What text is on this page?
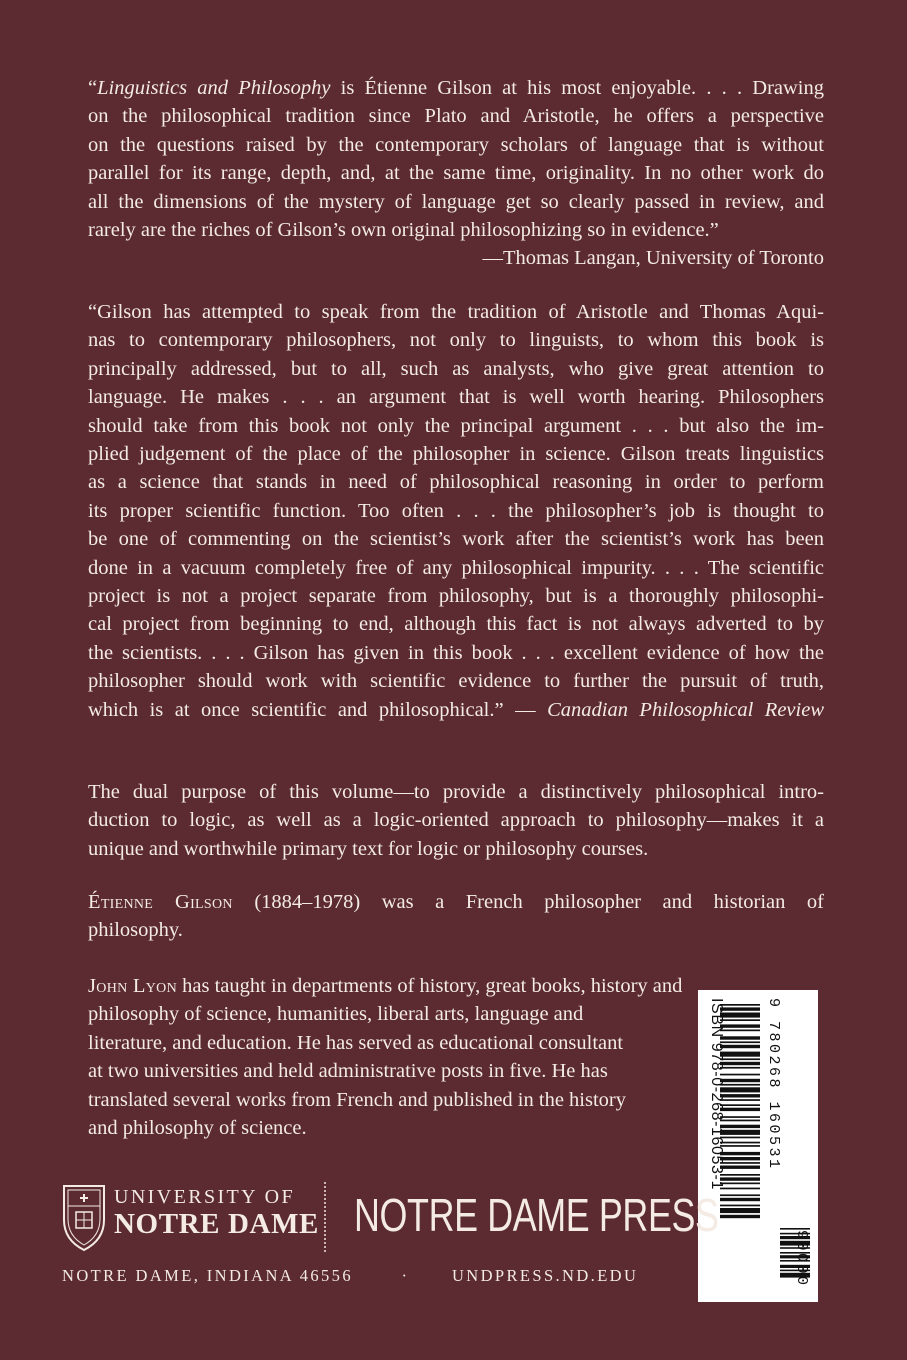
“Linguistics and Philosophy is Étienne Gilson at his most enjoyable. . . . Drawing
on the philosophical tradition since Plato and Aristotle, he offers a perspective
on the questions raised by the contemporary scholars of language that is without
parallel for its range, depth, and, at the same time, originality. In no other work do
all the dimensions of the mystery of language get so clearly passed in review, and
rarely are the riches of Gilson’s own original philosophizing so in evidence.”
—Thomas Langan, University of Toronto
“Gilson has attempted to speak from the tradition of Aristotle and Thomas Aqui-
nas to contemporary philosophers, not only to linguists, to whom this book is
principally addressed, but to all, such as analysts, who give great attention to
language. He makes . . . an argument that is well worth hearing. Philosophers
should take from this book not only the principal argument . . . but also the im-
plied judgement of the place of the philosopher in science. Gilson treats linguistics
as a science that stands in need of philosophical reasoning in order to perform
its proper scientific function. Too often . . . the philosopher’s job is thought to
be one of commenting on the scientist’s work after the scientist’s work has been
done in a vacuum completely free of any philosophical impurity. . . . The scientific
project is not a project separate from philosophy, but is a thoroughly philosophi-
cal project from beginning to end, although this fact is not always adverted to by
the scientists. . . . Gilson has given in this book . . . excellent evidence of how the
philosopher should work with scientific evidence to further the pursuit of truth,
which is at once scientific and philosophical.” — Canadian Philosophical Review
The dual purpose of this volume—to provide a distinctively philosophical intro-
duction to logic, as well as a logic-oriented approach to philosophy—makes it a
unique and worthwhile primary text for logic or philosophy courses.
Étienne Gilson (1884–1978) was a French philosopher and historian of
philosophy.
John Lyon has taught in departments of history, great books, history and
philosophy of science, humanities, liberal arts, language and
literature, and education. He has served as educational consultant
at two universities and held administrative posts in five. He has
translated several works from French and published in the history
and philosophy of science.	ISBN 978-0-268-16053-1	9 780268 160531
90000
UNIVERSITY OF
NOTRE DAME NOTRE DAME PRESS
NOTRE DAME, INDIANA 46556	·	UNDPRESS.ND.EDU
